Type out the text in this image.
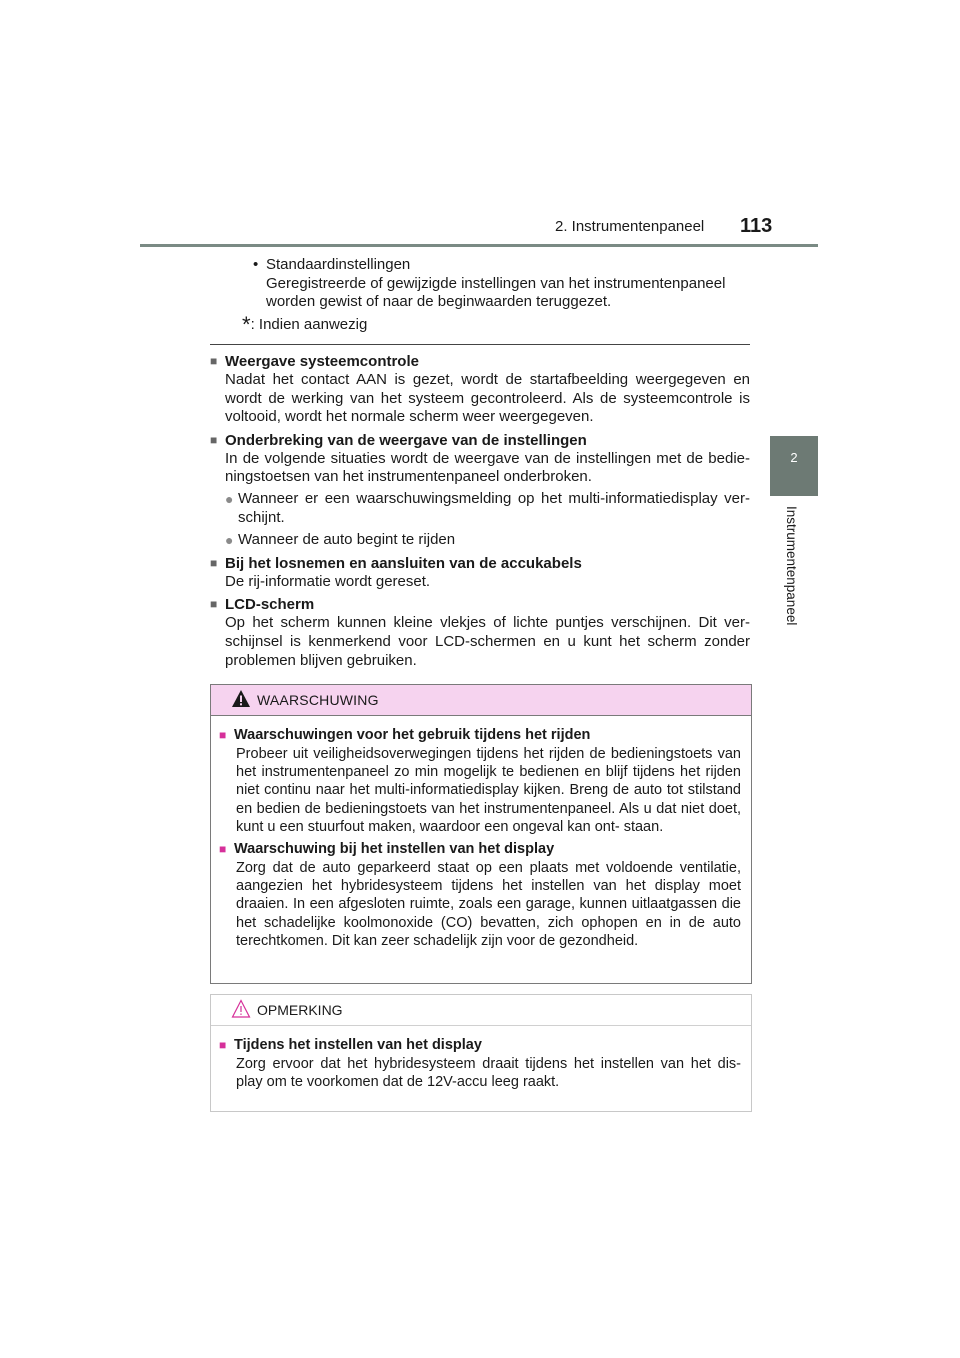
2. Instrumentenpaneel 113
2
Instrumentenpaneel
• Standaardinstellingen
Geregistreerde of gewijzigde instellingen van het instrumentenpaneel worden gewist of naar de beginwaarden teruggezet.
*: Indien aanwezig
■ Weergave systeemcontrole
Nadat het contact AAN is gezet, wordt de startafbeelding weergegeven en wordt de werking van het systeem gecontroleerd. Als de systeemcontrole is voltooid, wordt het normale scherm weer weergegeven.
■ Onderbreking van de weergave van de instellingen
In de volgende situaties wordt de weergave van de instellingen met de bedie- ningstoetsen van het instrumentenpaneel onderbroken.
● Wanneer er een waarschuwingsmelding op het multi-informatiedisplay ver- schijnt.
● Wanneer de auto begint te rijden
■ Bij het losnemen en aansluiten van de accukabels
De rij-informatie wordt gereset.
■ LCD-scherm
Op het scherm kunnen kleine vlekjes of lichte puntjes verschijnen. Dit ver- schijnsel is kenmerkend voor LCD-schermen en u kunt het scherm zonder problemen blijven gebruiken.
WAARSCHUWING
■ Waarschuwingen voor het gebruik tijdens het rijden
Probeer uit veiligheidsoverwegingen tijdens het rijden de bedieningstoets van het instrumentenpaneel zo min mogelijk te bedienen en blijf tijdens het rijden niet continu naar het multi-informatiedisplay kijken. Breng de auto tot stilstand en bedien de bedieningstoets van het instrumentenpaneel. Als u dat niet doet, kunt u een stuurfout maken, waardoor een ongeval kan ont- staan.
■ Waarschuwing bij het instellen van het display
Zorg dat de auto geparkeerd staat op een plaats met voldoende ventilatie, aangezien het hybridesysteem tijdens het instellen van het display moet draaien. In een afgesloten ruimte, zoals een garage, kunnen uitlaatgassen die het schadelijke koolmonoxide (CO) bevatten, zich ophopen en in de auto terechtkomen. Dit kan zeer schadelijk zijn voor de gezondheid.
OPMERKING
■ Tijdens het instellen van het display
Zorg ervoor dat het hybridesysteem draait tijdens het instellen van het dis- play om te voorkomen dat de 12V-accu leeg raakt.
